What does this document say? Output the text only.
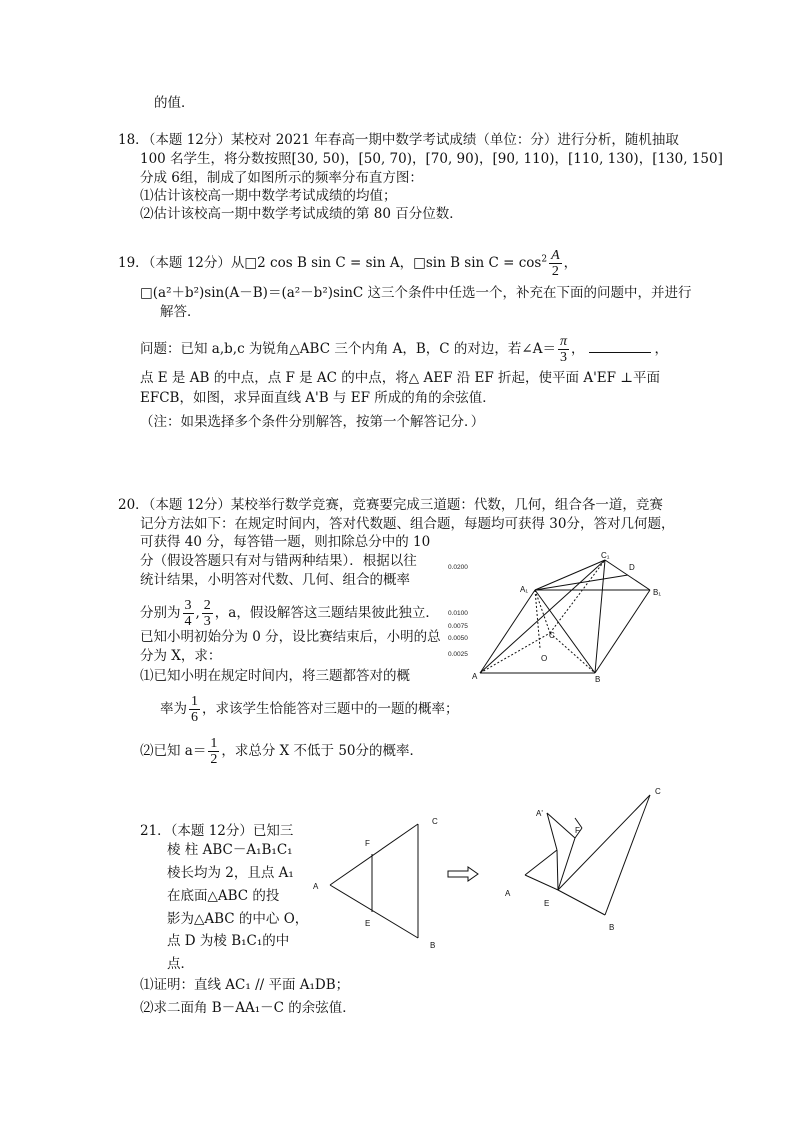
的值．
18．（本题 12分）某校对 2021 年春高一期中数学考试成绩（单位：分）进行分析，随机抽取
100 名学生，将分数按照[30, 50)，[50, 70)，[70, 90)，[90, 110)，[110, 130)，[130, 150]
分成 6组，制成了如图所示的频率分布直方图：
⑴估计该校高一期中数学考试成绩的均值；
⑵估计该校高一期中数学考试成绩的第 80 百分位数．
19．（本题 12分）从□2 cos B sin C = sin A，□sin B $\sin C = \cos^2 \frac{A}{2}$ ，
□(a²＋b²)sin(A－B)＝(a²－b²)sinC 这三个条件中任选一个，补充在下面的问题中，并进行
解答．
问题：已知 a,b,c 为锐角△ABC 三个内角 A，B，C 的对边，若∠A＝ $\frac{\pi}{3}$ ，	，
点 E 是 AB 的中点，点 F 是 AC 的中点，将△ AEF 沿 EF 折起，使平面 A'EF ⊥平面
EFCB，如图，求异面直线 A'B 与 EF 所成的角的余弦值．
（注：如果选择多个条件分别解答，按第一个解答记分．）
20．（本题 12分）某校举行数学竞赛，竞赛要完成三道题：代数，几何，组合各一道，竞赛
记分方法如下：在规定时间内，答对代数题、组合题，每题均可获得 30分，答对几何题，
可获得 40 分，每答错一题，则扣除总分中的 10
分（假设答题只有对与错两种结果）．根据以往
统计结果，小明答对代数、几何、组合的概率
分别为 $\frac{3}{4}$ , $\frac{2}{3}$ ，a，假设解答这三题结果彼此独立．
已知小明初始分为 0 分，设比赛结束后，小明的总
分为 X，求：
⑴已知小明在规定时间内，将三题都答对的概
率为 $\frac{1}{6}$ ，求该学生恰能答对三题中的一题的概率；
⑵已知 $a= \frac{1}{2}$ ，求总分 X 不低于 50分的概率．
0.0200
0.0100
0.0075
0.0050
0.0025
C₁
D
A₁	B₁
C
O
A	B
21．（本题 12分）已知三
棱 柱 ABC－A₁B₁C₁
棱长均为 2，且点 A₁
在底面△ABC 的投
影为△ABC 的中心 O，
点 D 为棱 B₁C₁的中
点．
⑴证明：直线 AC₁ // 平面 A₁DB；
⑵求二面角 B－AA₁－C 的余弦值．
A
F
E
C
B
A'
F
A
E
C
B
